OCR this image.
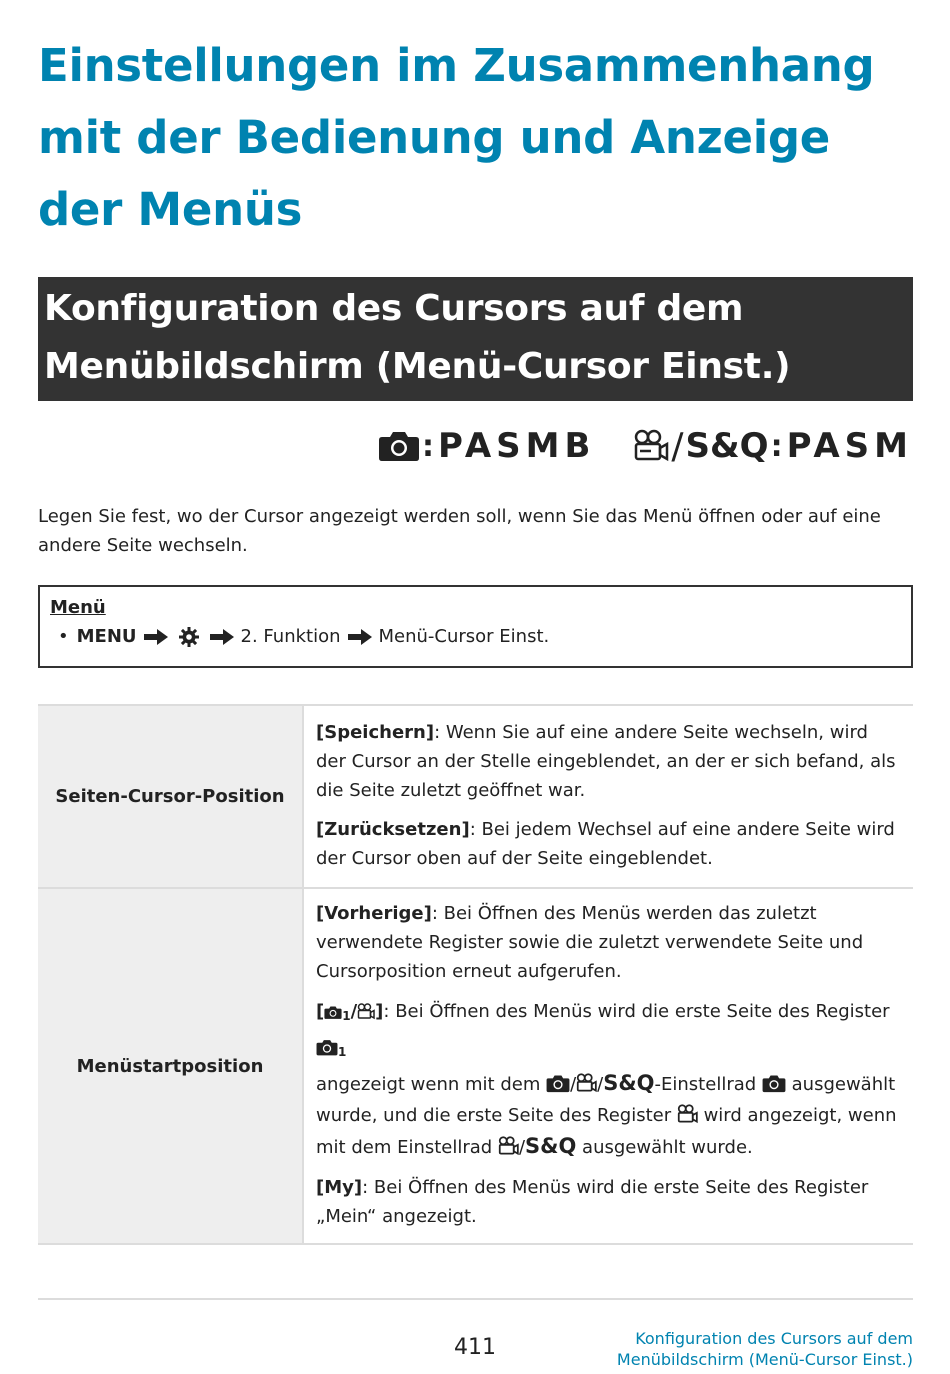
Einstellungen im Zusammenhang mit der Bedienung und Anzeige der Menüs
Konfiguration des Cursors auf dem Menübildschirm (Menü-Cursor Einst.)
: PASMB / S&Q : PASM

Legen Sie fest, wo der Cursor angezeigt werden soll, wenn Sie das Menü öffnen oder auf eine andere Seite wechseln.

Menü
• MENU	2. Funktion Menü-Cursor Einst.
Seiten-Cursor-Position	[Speichern]: Wenn Sie auf eine andere Seite wechseln, wird der Cursor an der Stelle eingeblendet, an der er sich befand, als die Seite zuletzt geöffnet war.

[Zurücksetzen]: Bei jedem Wechsel auf eine andere Seite wird der Cursor oben auf der Seite eingeblendet.

Menüstartposition	[Vorherige]: Bei Öffnen des Menüs werden das zuletzt verwendete Register sowie die zuletzt verwendete Seite und Cursorposition erneut aufgerufen.

[ 1/ ]: Bei Öffnen des Menüs wird die erste Seite des Register 1
angezeigt wenn mit dem / /S&Q-Einstellrad  ausgewählt wurde, und die erste Seite des Register  wird angezeigt, wenn mit dem Einstellrad /S&Q ausgewählt wurde.

[My]: Bei Öffnen des Menüs wird die erste Seite des Register „Mein“ angezeigt.

411	Konfiguration des Cursors auf dem
Menübildschirm (Menü-Cursor Einst.)
